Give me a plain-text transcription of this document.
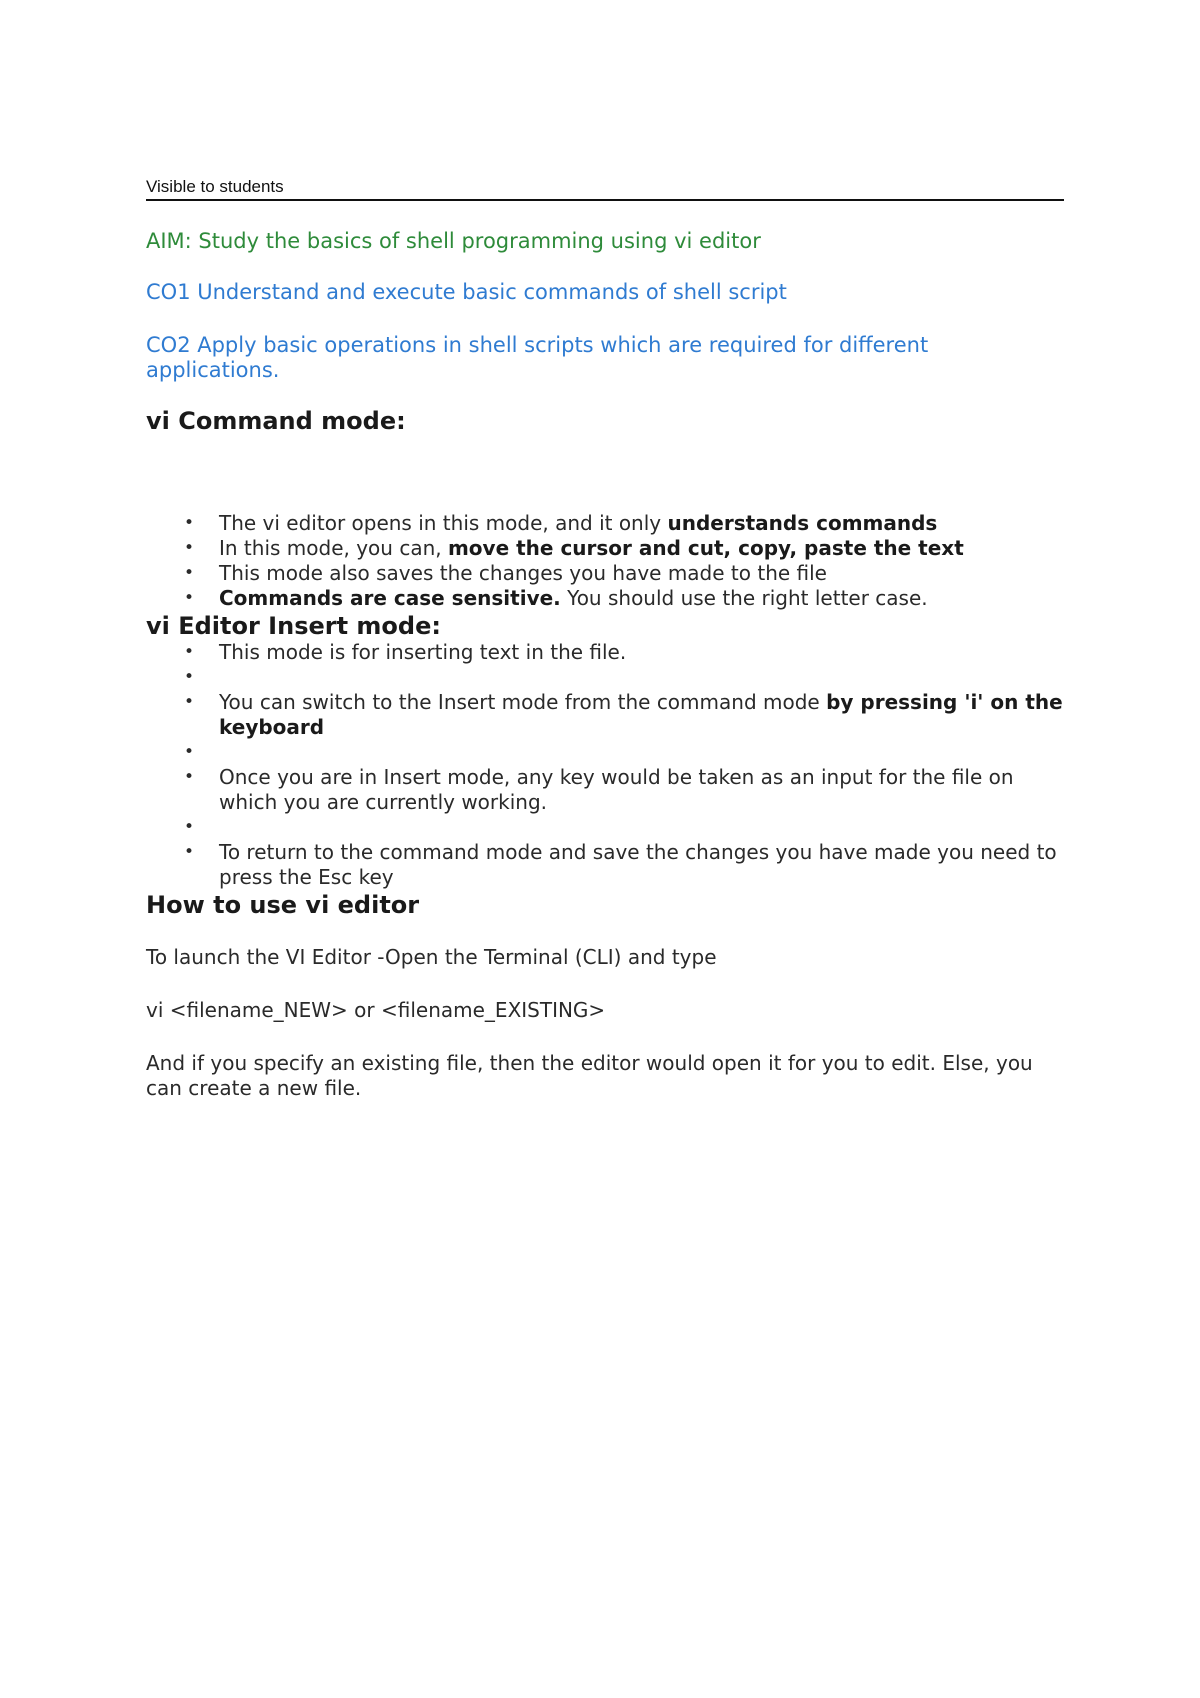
Visible to students

AIM: Study the basics of shell programming using vi editor

CO1 Understand and execute basic commands of shell script

CO2 Apply basic operations in shell scripts which are required for different applications.

vi Command mode:
• The vi editor opens in this mode, and it only understands commands
• In this mode, you can, move the cursor and cut, copy, paste the text
• This mode also saves the changes you have made to the file
• Commands are case sensitive. You should use the right letter case.
vi Editor Insert mode:
• This mode is for inserting text in the file.
•
• You can switch to the Insert mode from the command mode by pressing 'i' on the keyboard
•
• Once you are in Insert mode, any key would be taken as an input for the file on which you are currently working.
•
• To return to the command mode and save the changes you have made you need to press the Esc key
How to use vi editor

To launch the VI Editor -Open the Terminal (CLI) and type

vi <filename_NEW> or <filename_EXISTING>

And if you specify an existing file, then the editor would open it for you to edit. Else, you can create a new file.
